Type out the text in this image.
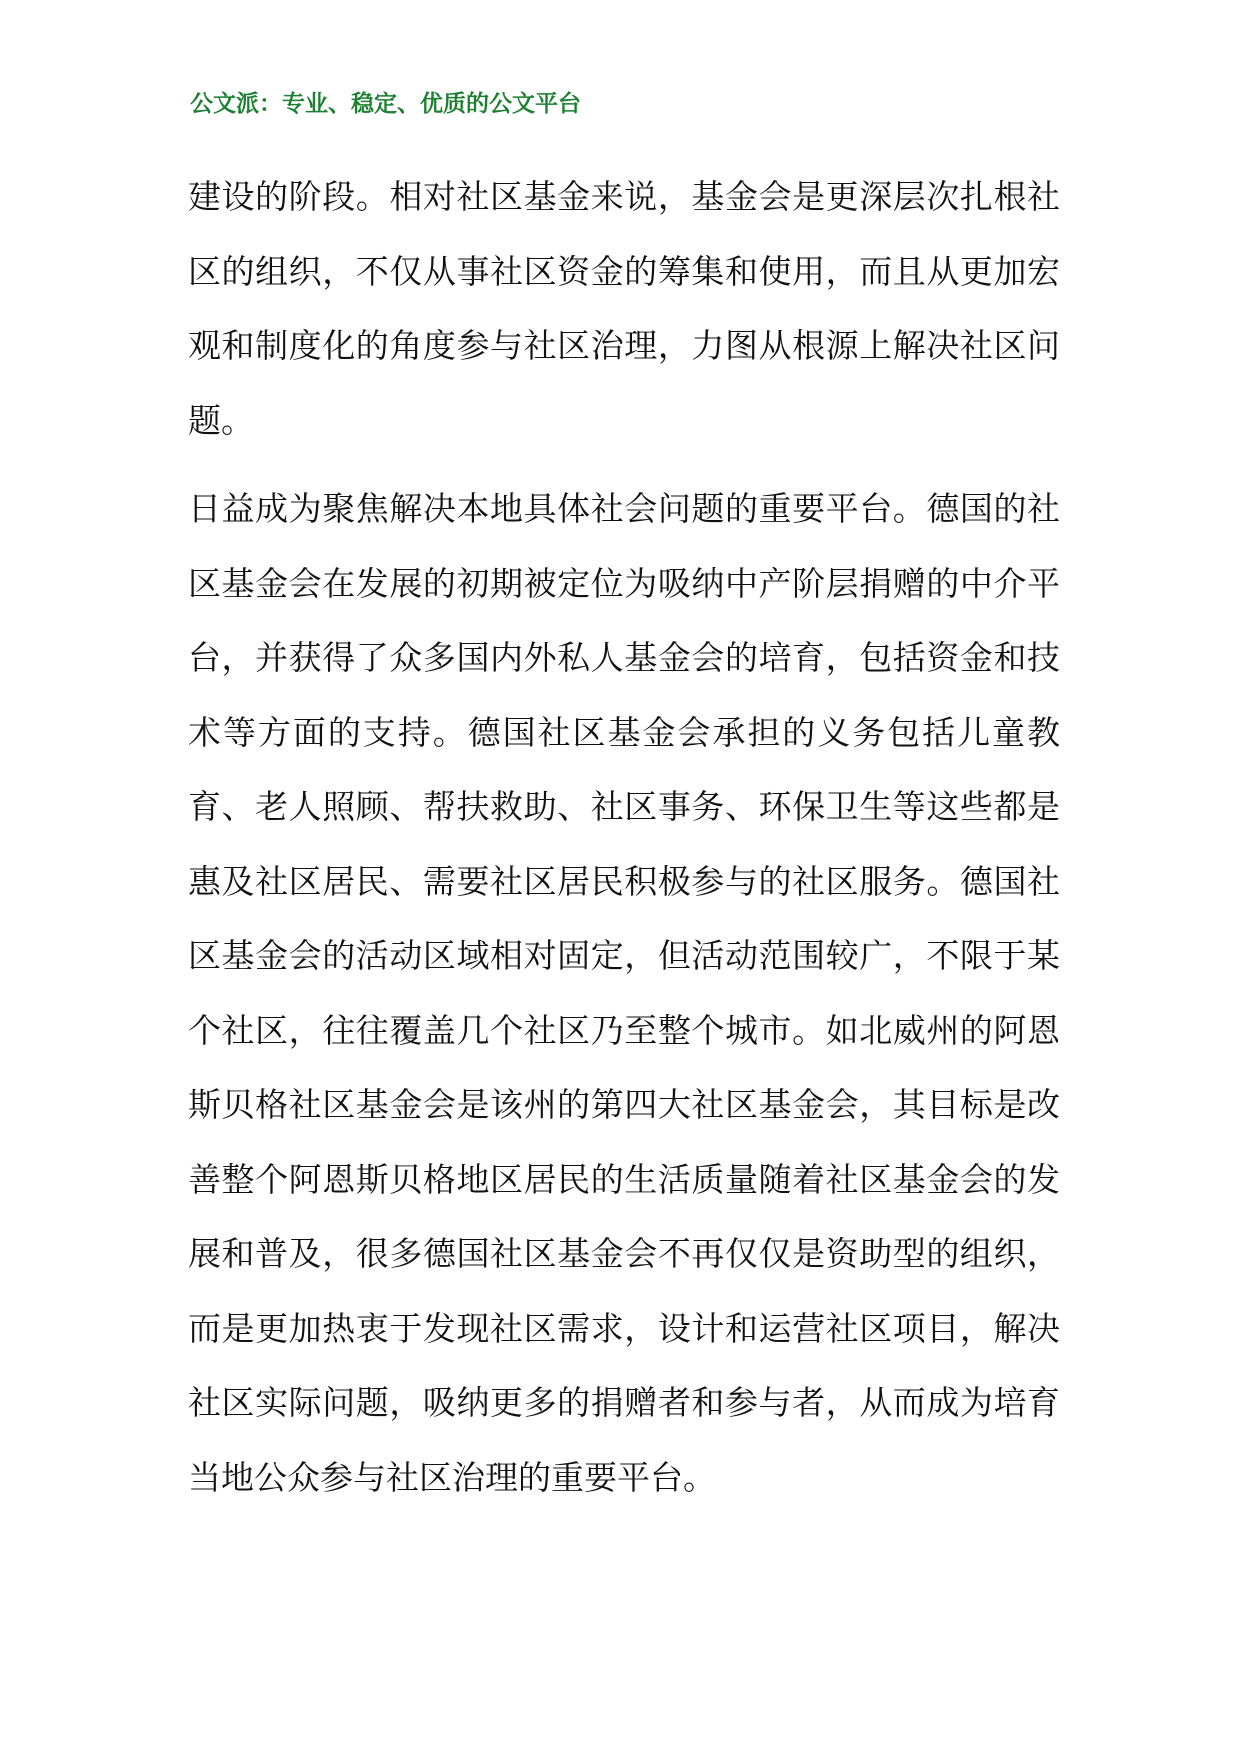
公文派：专业、稳定、优质的公文平台

建设的阶段。相对社区基金来说，基金会是更深层次扎根社区的组织，不仅从事社区资金的筹集和使用，而且从更加宏观和制度化的角度参与社区治理，力图从根源上解决社区问题。

日益成为聚焦解决本地具体社会问题的重要平台。德国的社区基金会在发展的初期被定位为吸纳中产阶层捐赠的中介平台，并获得了众多国内外私人基金会的培育，包括资金和技术等方面的支持。德国社区基金会承担的义务包括儿童教育、老人照顾、帮扶救助、社区事务、环保卫生等这些都是惠及社区居民、需要社区居民积极参与的社区服务。德国社区基金会的活动区域相对固定，但活动范围较广，不限于某个社区，往往覆盖几个社区乃至整个城市。如北威州的阿恩斯贝格社区基金会是该州的第四大社区基金会，其目标是改善整个阿恩斯贝格地区居民的生活质量随着社区基金会的发展和普及，很多德国社区基金会不再仅仅是资助型的组织，而是更加热衷于发现社区需求，设计和运营社区项目，解决社区实际问题，吸纳更多的捐赠者和参与者，从而成为培育当地公众参与社区治理的重要平台。
